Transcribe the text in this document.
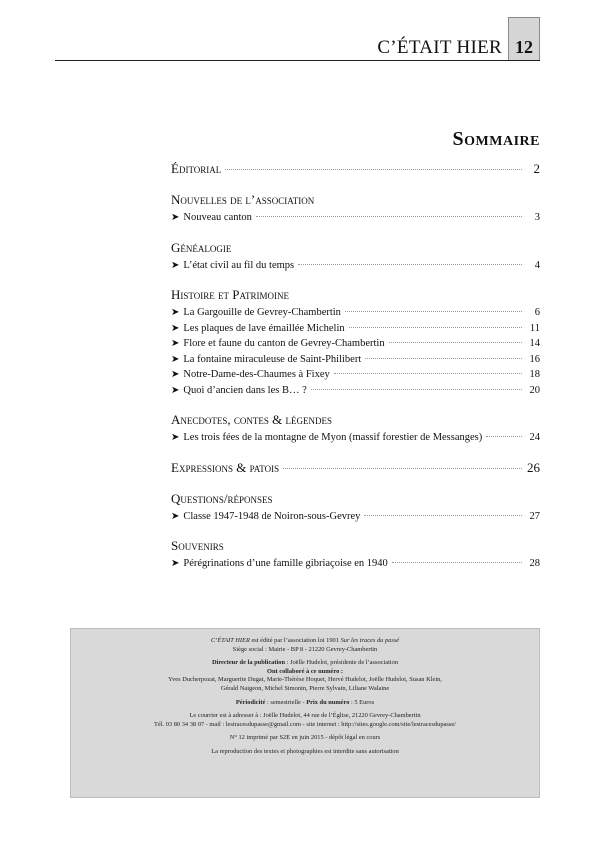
C’ÉTAIT HIER 12
Sommaire
Éditorial	2
Nouvelles de l’association
➤ Nouveau canton	3
Généalogie
➤ L’état civil au fil du temps	4
Histoire et Patrimoine
➤ La Gargouille de Gevrey-Chambertin	6
➤ Les plaques de lave émaillée Michelin	11
➤ Flore et faune du canton de Gevrey-Chambertin	14
➤ La fontaine miraculeuse de Saint-Philibert	16
➤ Notre-Dame-des-Chaumes à Fixey	18
➤ Quoi d’ancien dans les B… ?	20
Anecdotes, contes & légendes
➤ Les trois fées de la montagne de Myon (massif forestier de Messanges)	24
Expressions & patois	26
Questions/réponses
➤ Classe 1947-1948 de Noiron-sous-Gevrey	27
Souvenirs
➤ Pérégrinations d’une famille gibriaçoise en 1940	28

C’ÉTAIT HIER est édité par l’association loi 1901 Sur les traces du passé
Siège social : Mairie - BP 8 - 21220 Gevrey-Chambertin

Directeur de la publication : Joëlle Hudelot, présidente de l’association
Ont collaboré à ce numéro :
Yves Ducherpozat, Marguerite Dugat, Marie-Thérèse Hoquet, Hervé Hudelot, Joëlle Hudelot, Susan Klein,
Gérald Naigeon, Michel Simonin, Pierre Sylvain, Liliane Walaine

Périodicité : semestrielle - Prix du numéro : 5 Euros

Le courrier est à adresser à : Joëlle Hudelot, 44 rue de l’Église, 21220 Gevrey-Chambertin
Tél. 03 80 34 38 07 - mail : lestracesdupasse@gmail.com - site internet : http://sites.google.com/site/lestracesdupasse/

N° 12 imprimé par S2E en juin 2015 - dépôt légal en cours

La reproduction des textes et photographies est interdite sans autorisation
